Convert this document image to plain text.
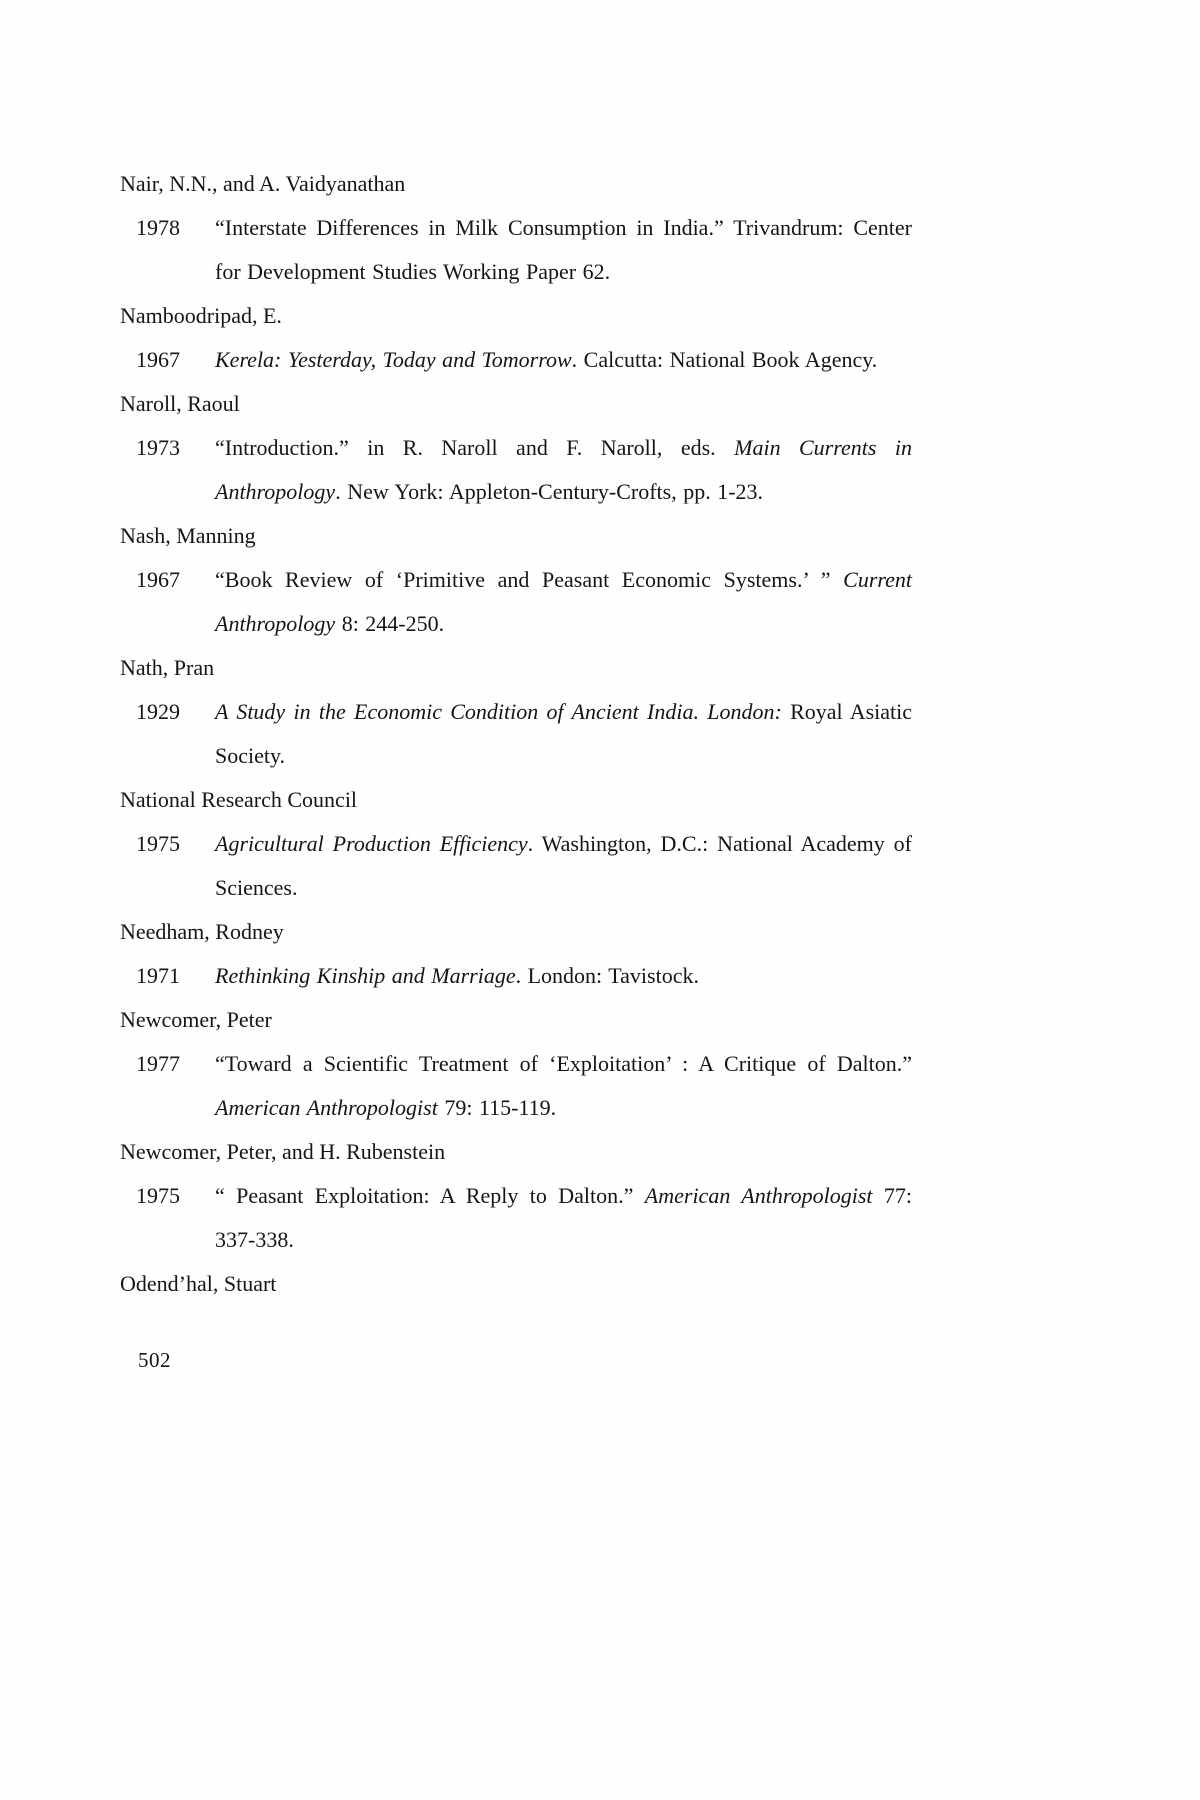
Nair, N.N., and A. Vaidyanathan
1978 “Interstate Differences in Milk Consumption in India.” Trivandrum: Center for Development Studies Working Paper 62.
Namboodripad, E.
1967 Kerela: Yesterday, Today and Tomorrow. Calcutta: National Book Agency.
Naroll, Raoul
1973 “Introduction.” in R. Naroll and F. Naroll, eds. Main Currents in Anthropology. New York: Appleton-Century-Crofts, pp. 1-23.
Nash, Manning
1967 “Book Review of ‘Primitive and Peasant Economic Systems.’ ” Current Anthropology 8: 244-250.
Nath, Pran
1929 A Study in the Economic Condition of Ancient India. London: Royal Asiatic Society.
National Research Council
1975 Agricultural Production Efficiency. Washington, D.C.: National Academy of Sciences.
Needham, Rodney
1971 Rethinking Kinship and Marriage. London: Tavistock.
Newcomer, Peter
1977 “Toward a Scientific Treatment of ‘Exploitation’ : A Critique of Dalton.” American Anthropologist 79: 115-119.
Newcomer, Peter, and H. Rubenstein
1975 “ Peasant Exploitation: A Reply to Dalton.” American Anthropologist 77: 337-338.
Odend’hal, Stuart
502
